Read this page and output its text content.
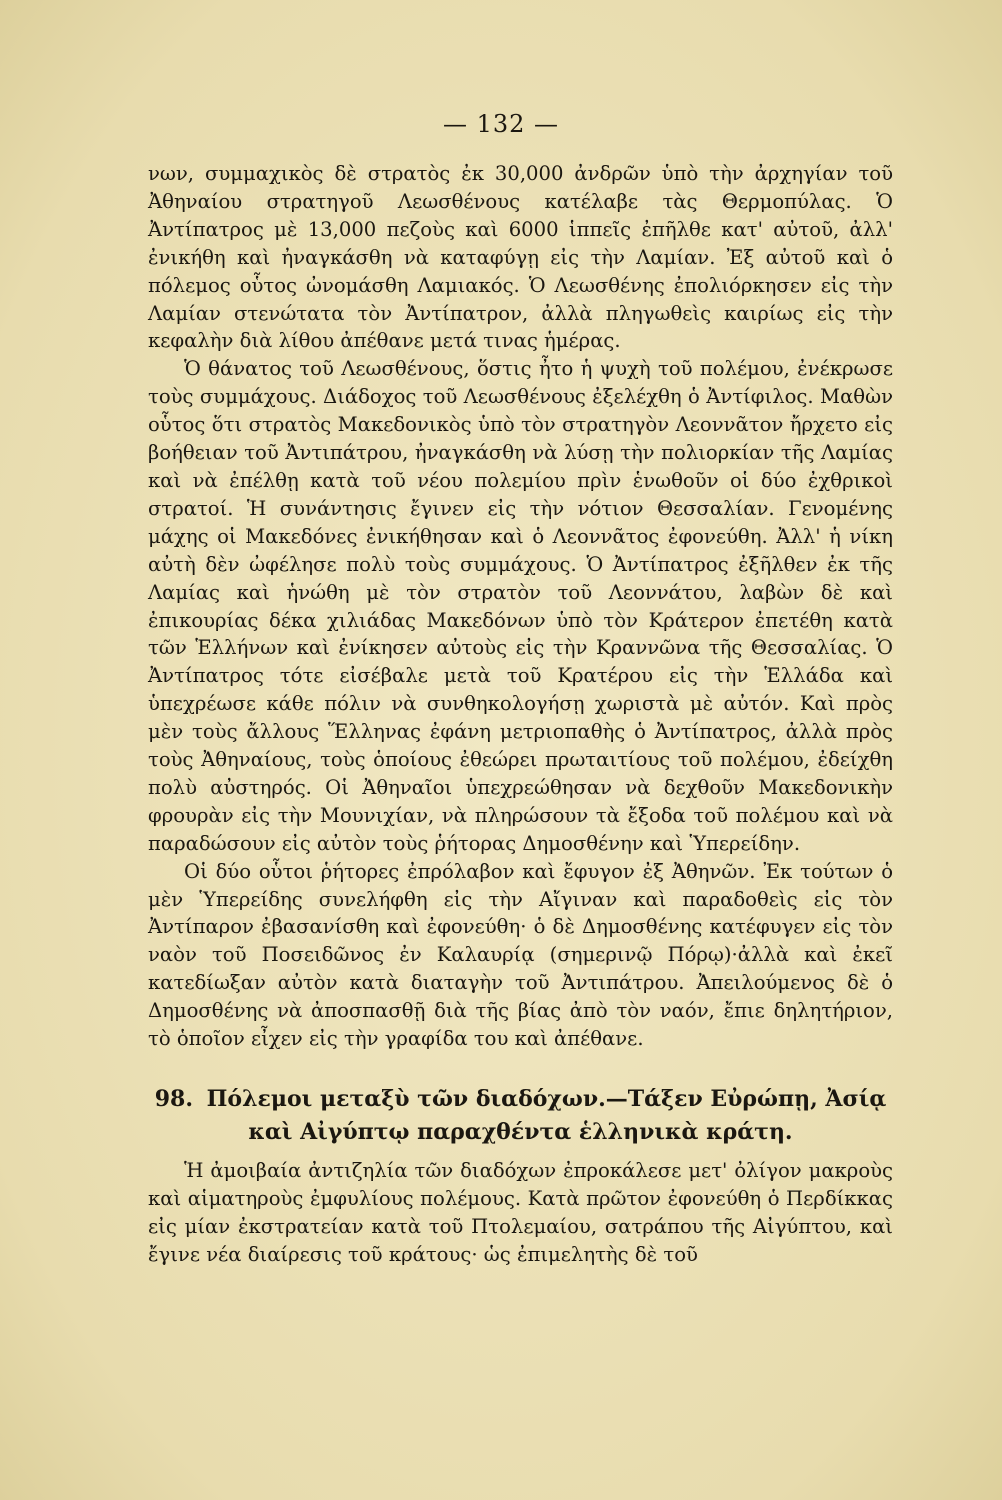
— 132 —

νων, συμμαχικὸς δὲ στρατὸς ἐκ 30,000 ἀνδρῶν ὑπὸ τὴν ἀρχηγίαν τοῦ Ἀθηναίου στρατηγοῦ Λεωσθένους κατέλαβε τὰς Θερμοπύλας. Ὁ Ἀντίπατρος μὲ 13,000 πεζοὺς καὶ 6000 ἱππεῖς ἐπῆλθε κατ' αὐτοῦ, ἀλλ' ἐνικήθη καὶ ἠναγκάσθη νὰ καταφύγῃ εἰς τὴν Λαμίαν. Ἐξ αὐτοῦ καὶ ὁ πόλεμος οὗτος ὠνομάσθη Λαμιακός. Ὁ Λεωσθένης ἐπολιόρκησεν εἰς τὴν Λαμίαν στενώτατα τὸν Ἀντίπατρον, ἀλλὰ πληγωθεὶς καιρίως εἰς τὴν κεφαλὴν διὰ λίθου ἀπέθανε μετά τινας ἡμέρας.

Ὁ θάνατος τοῦ Λεωσθένους, ὅστις ἦτο ἡ ψυχὴ τοῦ πολέμου, ἐνέκρωσε τοὺς συμμάχους. Διάδοχος τοῦ Λεωσθένους ἐξελέχθη ὁ Ἀντίφιλος. Μαθὼν οὗτος ὅτι στρατὸς Μακεδονικὸς ὑπὸ τὸν στρατηγὸν Λεοννᾶτον ἤρχετο εἰς βοήθειαν τοῦ Ἀντιπάτρου, ἠναγκάσθη νὰ λύσῃ τὴν πολιορκίαν τῆς Λαμίας καὶ νὰ ἐπέλθῃ κατὰ τοῦ νέου πολεμίου πρὶν ἑνωθοῦν οἱ δύο ἐχθρικοὶ στρατοί. Ἡ συνάντησις ἔγινεν εἰς τὴν νότιον Θεσσαλίαν. Γενομένης μάχης οἱ Μακεδόνες ἐνικήθησαν καὶ ὁ Λεοννᾶτος ἐφονεύθη. Ἀλλ' ἡ νίκη αὐτὴ δὲν ὠφέλησε πολὺ τοὺς συμμάχους. Ὁ Ἀντίπατρος ἐξῆλθεν ἐκ τῆς Λαμίας καὶ ἡνώθη μὲ τὸν στρατὸν τοῦ Λεοννάτου, λαβὼν δὲ καὶ ἐπικουρίας δέκα χιλιάδας Μακεδόνων ὑπὸ τὸν Κράτερον ἐπετέθη κατὰ τῶν Ἑλλήνων καὶ ἐνίκησεν αὐτοὺς εἰς τὴν Κραννῶνα τῆς Θεσσαλίας. Ὁ Ἀντίπατρος τότε εἰσέβαλε μετὰ τοῦ Κρατέρου εἰς τὴν Ἑλλάδα καὶ ὑπεχρέωσε κάθε πόλιν νὰ συνθηκολογήσῃ χωριστὰ μὲ αὐτόν. Καὶ πρὸς μὲν τοὺς ἄλλους Ἕλληνας ἐφάνη μετριοπαθὴς ὁ Ἀντίπατρος, ἀλλὰ πρὸς τοὺς Ἀθηναίους, τοὺς ὁποίους ἐθεώρει πρωταιτίους τοῦ πολέμου, ἐδείχθη πολὺ αὐστηρός. Οἱ Ἀθηναῖοι ὑπεχρεώθησαν νὰ δεχθοῦν Μακεδονικὴν φρουρὰν εἰς τὴν Μουνιχίαν, νὰ πληρώσουν τὰ ἔξοδα τοῦ πολέμου καὶ νὰ παραδώσουν εἰς αὐτὸν τοὺς ῥήτορας Δημοσθένην καὶ Ὑπερείδην.

Οἱ δύο οὗτοι ῥήτορες ἐπρόλαβον καὶ ἔφυγον ἐξ Ἀθηνῶν. Ἐκ τούτων ὁ μὲν Ὑπερείδης συνελήφθη εἰς τὴν Αἴγιναν καὶ παραδοθεὶς εἰς τὸν Ἀντίπαρον ἐβασανίσθη καὶ ἐφονεύθη· ὁ δὲ Δημοσθένης κατέφυγεν εἰς τὸν ναὸν τοῦ Ποσειδῶνος ἐν Καλαυρίᾳ (σημερινῷ Πόρῳ)·ἀλλὰ καὶ ἐκεῖ κατεδίωξαν αὐτὸν κατὰ διαταγὴν τοῦ Ἀντιπάτρου. Ἀπειλούμενος δὲ ὁ Δημοσθένης νὰ ἀποσπασθῇ διὰ τῆς βίας ἀπὸ τὸν ναόν, ἔπιε δηλητήριον, τὸ ὁποῖον εἶχεν εἰς τὴν γραφίδα του καὶ ἀπέθανε.

98. Πόλεμοι μεταξὺ τῶν διαδόχων.—Τάξεν Εὐρώπῃ, Ἀσίᾳ καὶ Αἰγύπτῳ παραχθέντα ἑλληνικὰ κράτη.

Ἡ ἀμοιβαία ἀντιζηλία τῶν διαδόχων ἐπροκάλεσε μετ' ὀλίγον μακροὺς καὶ αἱματηροὺς ἐμφυλίους πολέμους. Κατὰ πρῶτον ἐφονεύθη ὁ Περδίκκας εἰς μίαν ἐκστρατείαν κατὰ τοῦ Πτολεμαίου, σατράπου τῆς Αἰγύπτου, καὶ ἔγινε νέα διαίρεσις τοῦ κράτους· ὡς ἐπιμελητὴς δὲ τοῦ
